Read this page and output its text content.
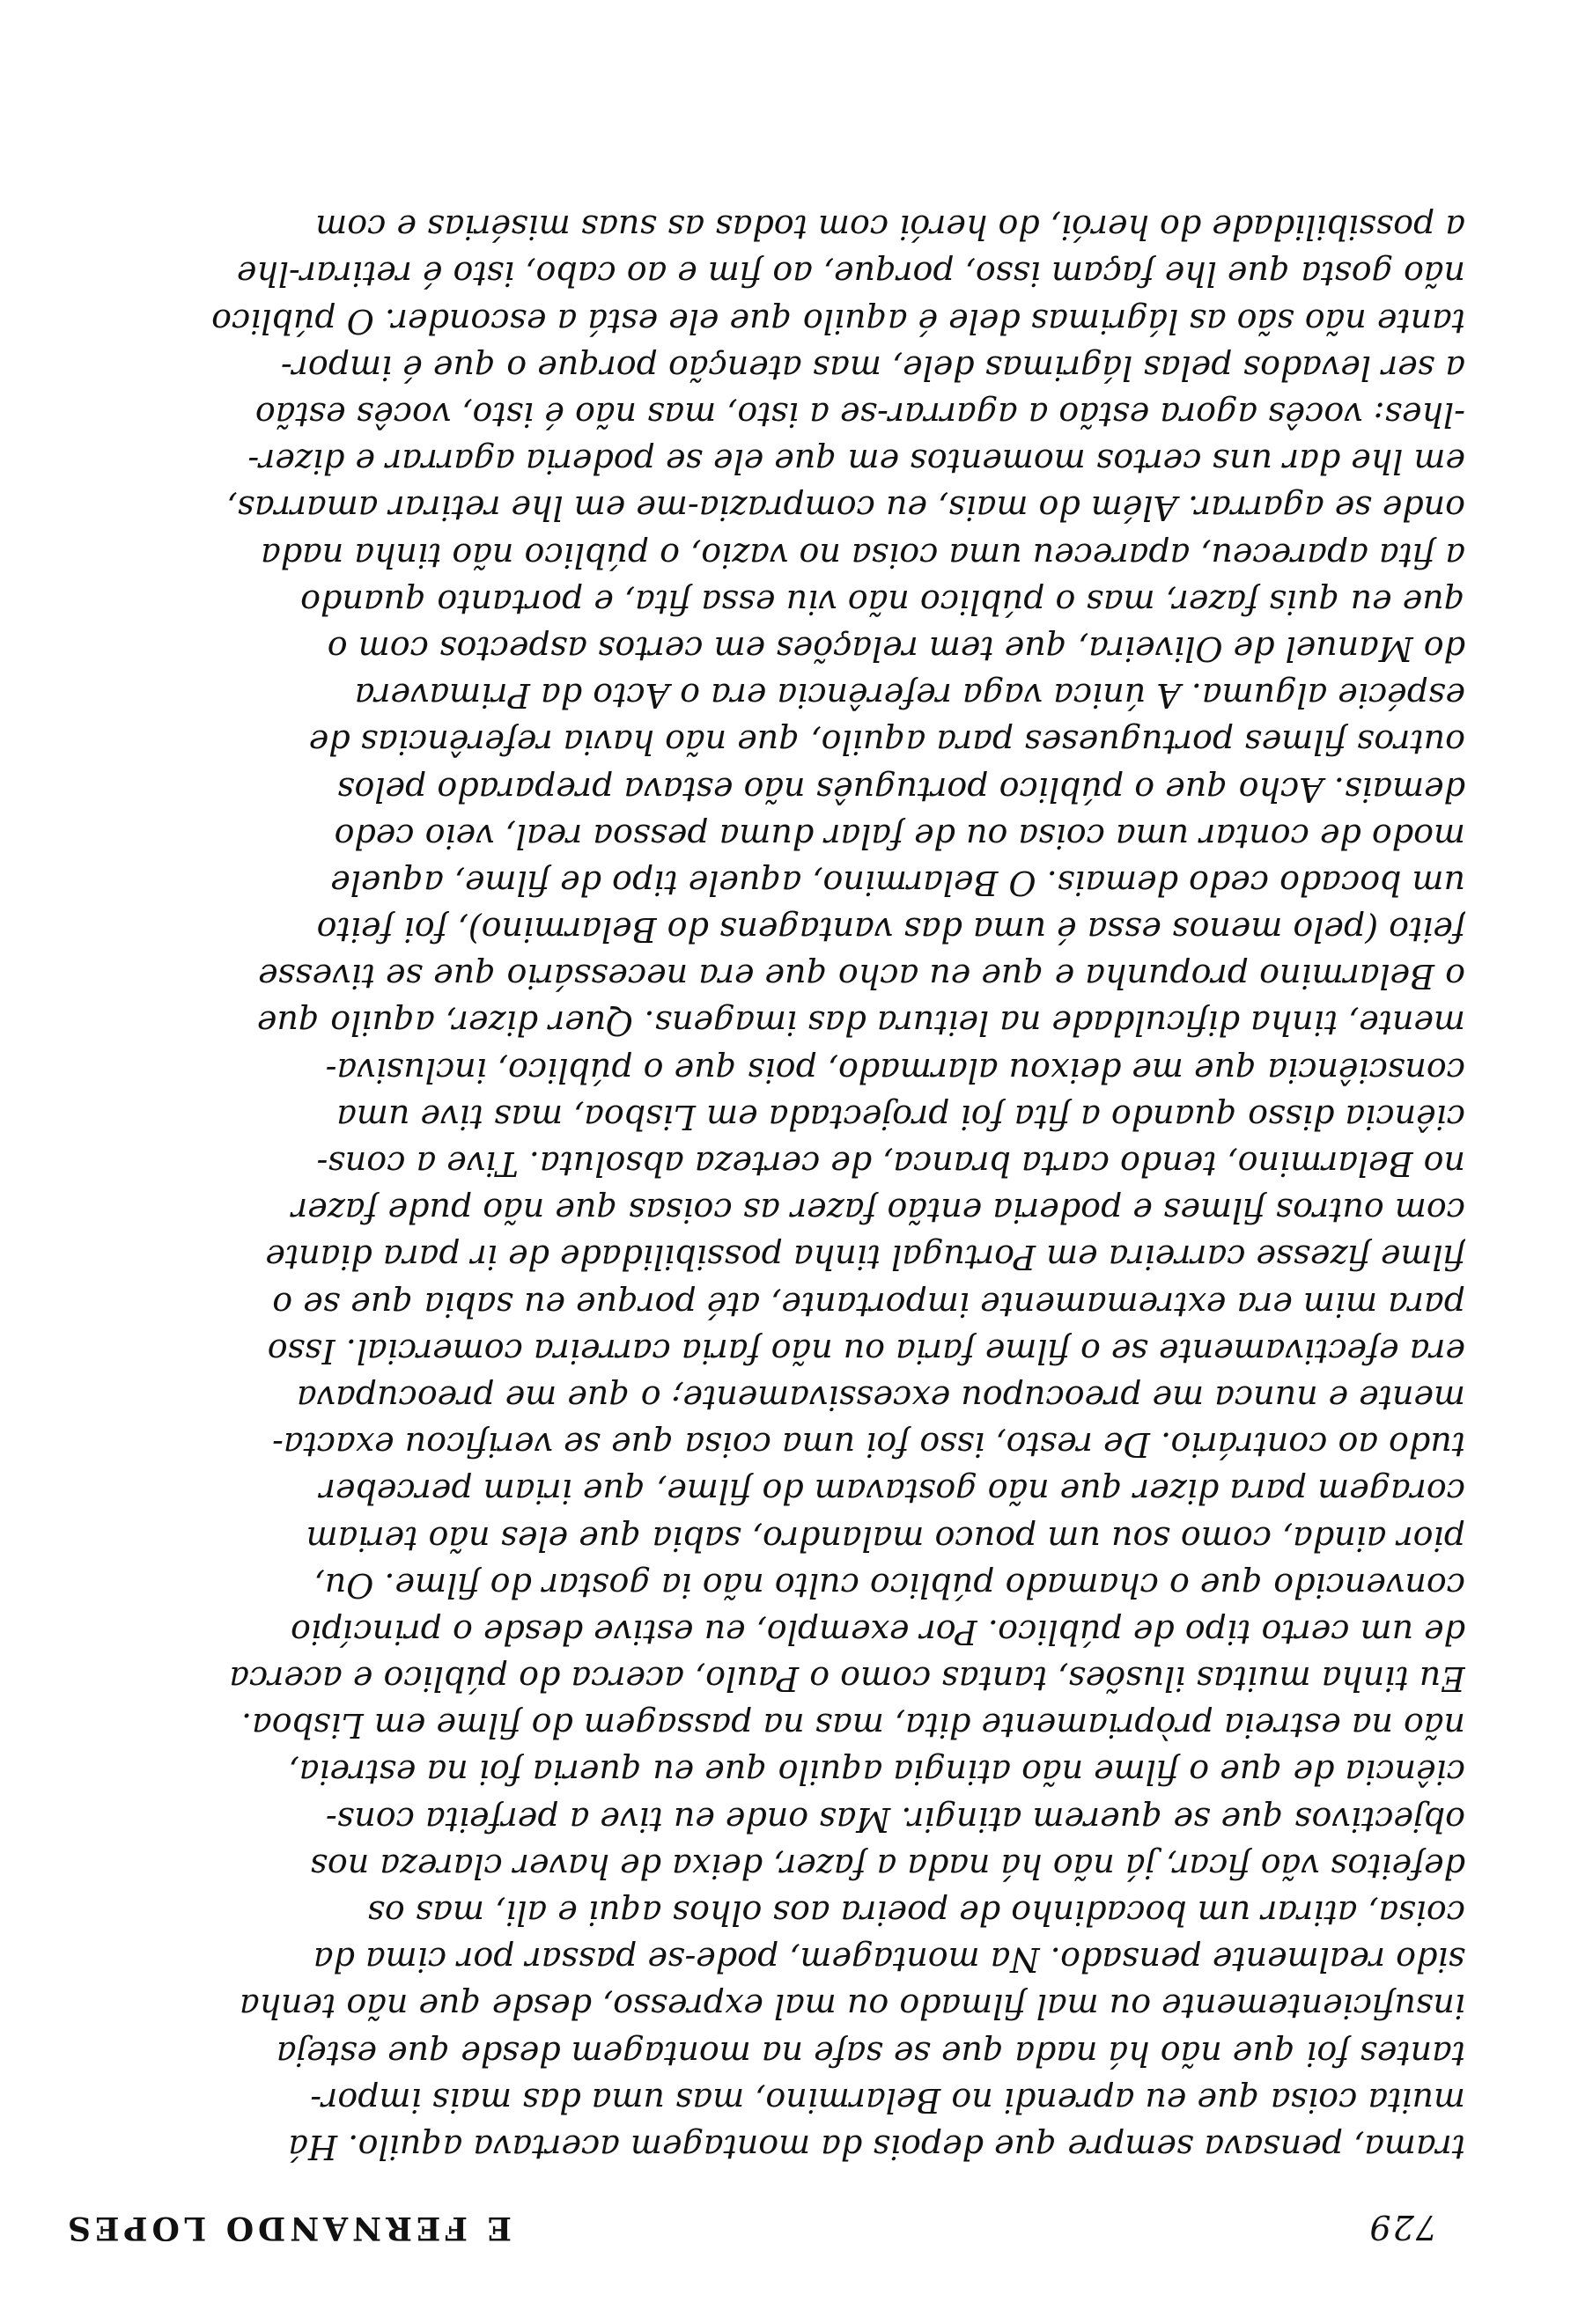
729
E FERNANDO LOPES
trama, pensava sempre que depois da montagem acertava aquilo. Há
muita coisa que eu aprendi no Belarmino, mas uma das mais impor-
tantes foi que não há nada que se safe na montagem desde que esteja
insuficientemente ou mal filmado ou mal expresso, desde que não tenha
sido realmente pensado. Na montagem, pode-se passar por cima da
coisa, atirar um bocadinho de poeira aos olhos aqui e ali, mas os
defeitos vão ficar, já não há nada a fazer, deixa de haver clareza nos
objectivos que se querem atingir. Mas onde eu tive a perfeita cons-
ciência de que o filme não atingia aquilo que eu queria foi na estreia,
não na estreia pròpriamente dita, mas na passagem do filme em Lisboa.
Eu tinha muitas ilusões, tantas como o Paulo, acerca do público e acerca
de um certo tipo de público. Por exemplo, eu estive desde o princípio
convencido que o chamado público culto não ia gostar do filme. Ou,
pior ainda, como sou um pouco malandro, sabia que eles não teriam
coragem para dizer que não gostavam do filme, que iriam perceber
tudo ao contrário. De resto, isso foi uma coisa que se verificou exacta-
mente e nunca me preocupou excessivamente; o que me preocupava
era efectivamente se o filme faria ou não faria carreira comercial. Isso
para mim era extremamente importante, até porque eu sabia que se o
filme fizesse carreira em Portugal tinha possibilidade de ir para diante
com outros filmes e poderia então fazer as coisas que não pude fazer
no Belarmino, tendo carta branca, de certeza absoluta. Tive a cons-
ciência disso quando a fita foi projectada em Lisboa, mas tive uma
consciência que me deixou alarmado, pois que o público, inclusiva-
mente, tinha dificuldade na leitura das imagens. Quer dizer, aquilo que
o Belarmino propunha e que eu acho que era necessário que se tivesse
feito (pelo menos essa é uma das vantagens do Belarmino), foi feito
um bocado cedo demais. O Belarmino, aquele tipo de filme, aquele
modo de contar uma coisa ou de falar duma pessoa real, veio cedo
demais. Acho que o público português não estava preparado pelos
outros filmes portugueses para aquilo, que não havia referências de
espécie alguma. A única vaga referência era o Acto da Primavera
do Manuel de Oliveira, que tem relações em certos aspectos com o
que eu quis fazer, mas o público não viu essa fita, e portanto quando
a fita apareceu, apareceu uma coisa no vazio, o público não tinha nada
onde se agarrar. Além do mais, eu comprazia-me em lhe retirar amarras,
em lhe dar uns certos momentos em que ele se poderia agarrar e dizer-
-lhes: vocês agora estão a agarrar-se a isto, mas não é isto, vocês estão
a ser levados pelas lágrimas dele, mas atenção porque o que é impor-
tante não são as lágrimas dele é aquilo que ele está a esconder. O público
não gosta que lhe façam isso, porque, ao fim e ao cabo, isto é retirar-lhe
a possibilidade do herói, do herói com todas as suas misérias e com
